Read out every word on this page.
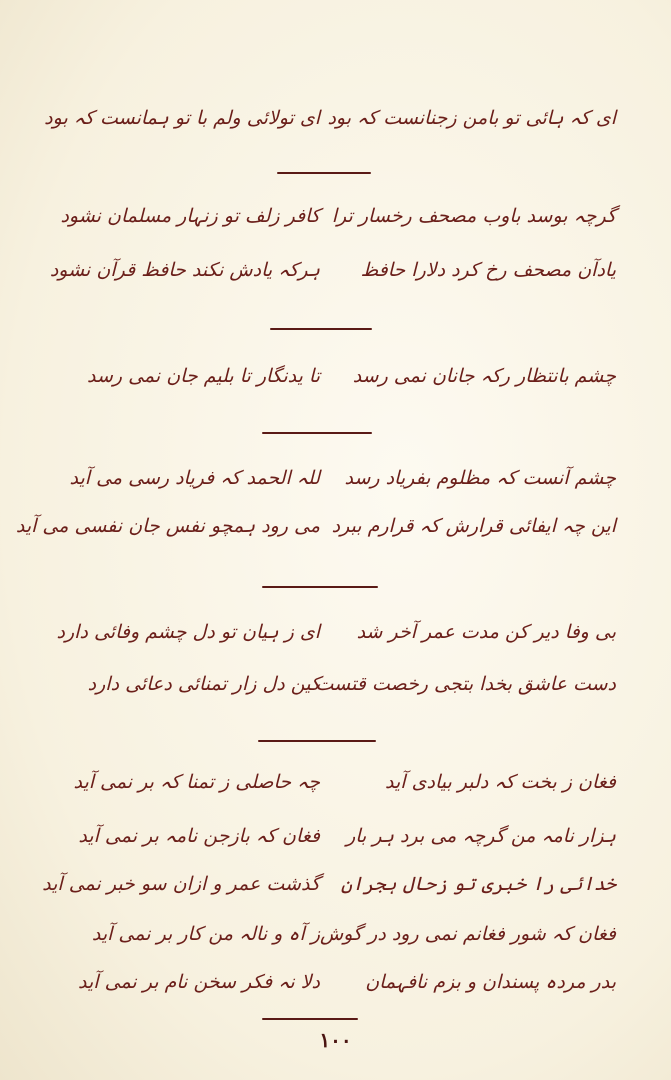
ای کہ ہائی تو بامن زجنانست کہ بود
ای تولائی ولم با تو ہمانست کہ بود
گرچہ بوسد باوب مصحف رخسار ترا
کافر زلف تو زنہار مسلمان نشود
یادآن مصحف رخ کرد دلارا حافظ
ہرکہ یادش نکند حافظ قرآن نشود
چشم بانتظار رکہ جانان نمی رسد
تا یدنگار تا بلیم جان نمی رسد
چشم آنست کہ مظلوم بفریاد رسد
للہ الحمد کہ فریاد رسی می آید
این چہ ایفائی قرارش کہ قرارم ببرد
می رود ہمچو نفس جان نفسی می آید
بی وفا دیر کن مدت عمر آخر شد
ای ز ہیان تو دل چشم وفائی دارد
دست عاشق بخدا بتجی رخصت قتست
کین دل زار تمنائی دعائی دارد
فغان ز بخت کہ دلبر بیادی آید
چہ حاصلی ز تمنا کہ بر نمی آید
ہزار نامہ من گرچہ می برد ہر بار
فغان کہ بازجن نامہ بر نمی آید
خدائی را خبری تو زحال ہجران
گذشت عمر و ازان سو خبر نمی آید
فغان کہ شور فغانم نمی رود در گوش
ز آہ و نالہ من کار بر نمی آید
بدر مردہ پسندان و بزم نافہمان
دلا نہ فکر سخن نام بر نمی آید
۱۰۰
